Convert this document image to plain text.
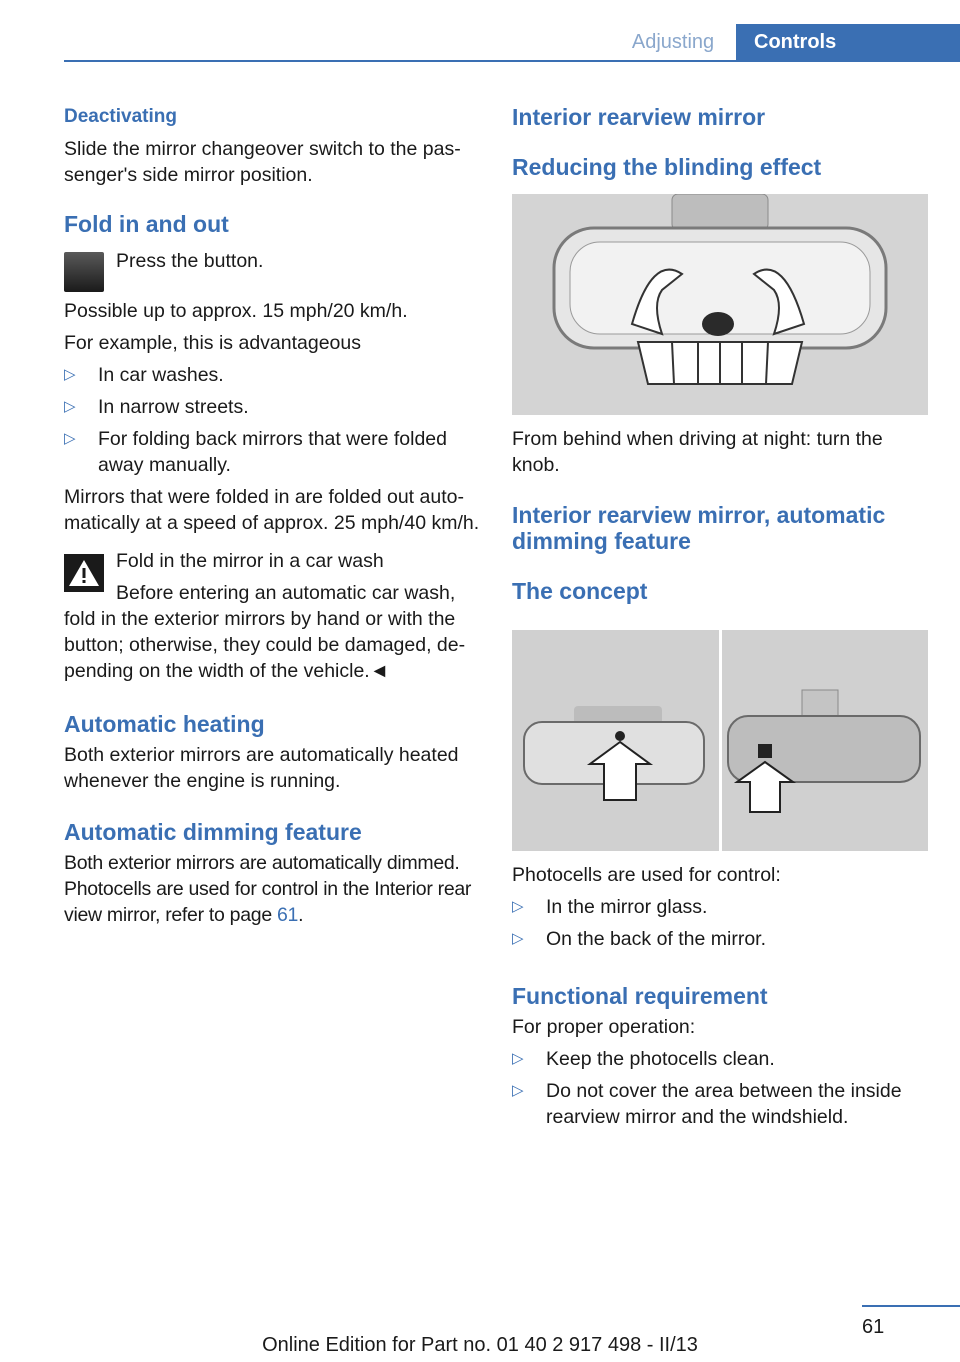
Adjusting	Controls

Deactivating

Slide the mirror changeover switch to the passenger's side mirror position.

Fold in and out

Press the button.

Possible up to approx. 15 mph/20 km/h.

For example, this is advantageous

▷ In car washes.
▷ In narrow streets.
▷ For folding back mirrors that were folded away manually.

Mirrors that were folded in are folded out automatically at a speed of approx. 25 mph/40 km/h.

Fold in the mirror in a car wash

Before entering an automatic car wash,

fold in the exterior mirrors by hand or with the button; otherwise, they could be damaged, depending on the width of the vehicle.◄

Automatic heating

Both exterior mirrors are automatically heated whenever the engine is running.

Automatic dimming feature

Both exterior mirrors are automatically dimmed. Photocells are used for control in the Interior rear view mirror, refer to page 61.

Interior rearview mirror

Reducing the blinding effect

From behind when driving at night: turn the knob.

Interior rearview mirror, automatic dimming feature

The concept

Photocells are used for control:

▷ In the mirror glass.
▷ On the back of the mirror.

Functional requirement

For proper operation:

▷ Keep the photocells clean.
▷ Do not cover the area between the inside rearview mirror and the windshield.
61
Online Edition for Part no. 01 40 2 917 498 - II/13
